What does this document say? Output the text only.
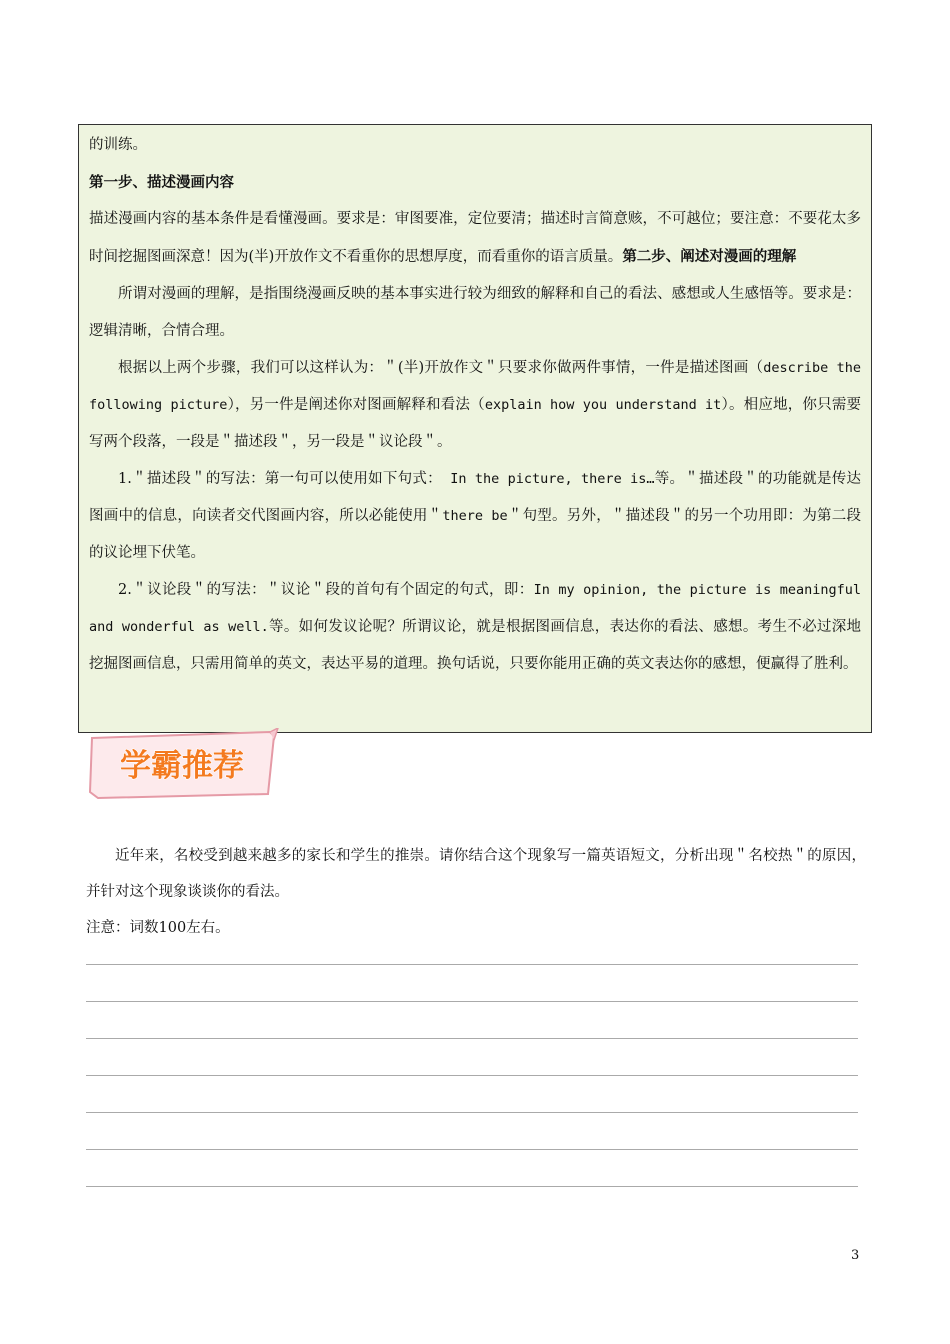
的训练。

第一步、描述漫画内容

描述漫画内容的基本条件是看懂漫画。要求是：审图要准，定位要清；描述时言简意赅，不可越位；要注意：不要花太多时间挖掘图画深意！因为(半)开放作文不看重你的思想厚度，而看重你的语言质量。第二步、阐述对漫画的理解

所谓对漫画的理解，是指围绕漫画反映的基本事实进行较为细致的解释和自己的看法、感想或人生感悟等。要求是：逻辑清晰，合情合理。

根据以上两个步骤，我们可以这样认为：＂(半)开放作文＂只要求你做两件事情，一件是描述图画（describe the following picture），另一件是阐述你对图画解释和看法（explain how you understand it）。相应地，你只需要写两个段落，一段是＂描述段＂，另一段是＂议论段＂。

1.＂描述段＂的写法：第一句可以使用如下句式： In the picture, there is…等。＂描述段＂的功能就是传达图画中的信息，向读者交代图画内容，所以必能使用＂there be＂句型。另外，＂描述段＂的另一个功用即：为第二段的议论埋下伏笔。

2.＂议论段＂的写法：＂议论＂段的首句有个固定的句式，即：In my opinion, the picture is meaningful and wonderful as well.等。如何发议论呢？所谓议论，就是根据图画信息，表达你的看法、感想。考生不必过深地挖掘图画信息，只需用简单的英文，表达平易的道理。换句话说，只要你能用正确的英文表达你的感想，便赢得了胜利。

学霸推荐

近年来，名校受到越来越多的家长和学生的推崇。请你结合这个现象写一篇英语短文，分析出现＂名校热＂的原因，并针对这个现象谈谈你的看法。

注意：词数100左右。

3
